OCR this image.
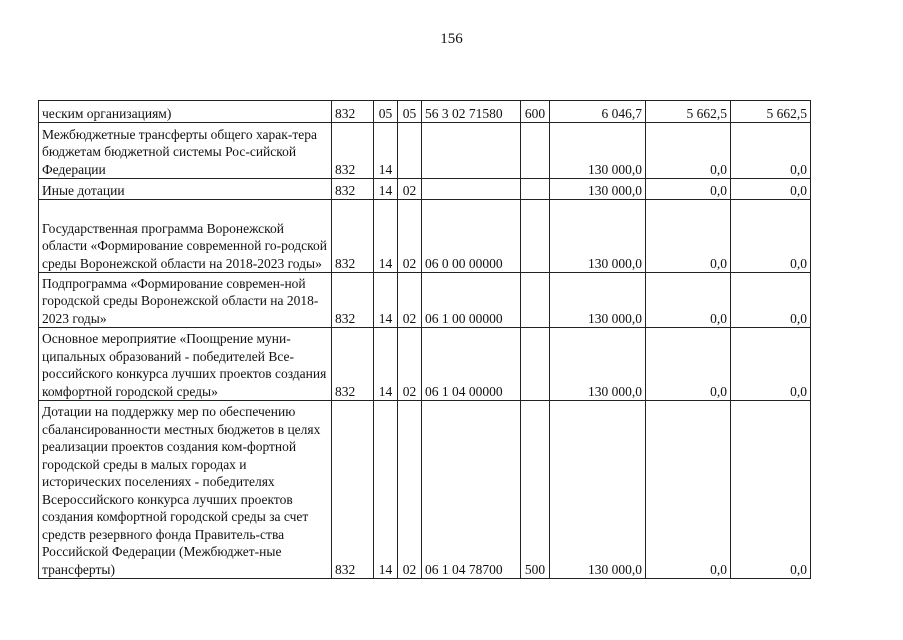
156
ческим организациям)	832	05	05	56 3 02 71580	600	6 046,7	5 662,5	5 662,5
Межбюджетные трансферты общего харак-тера бюджетам бюджетной системы Рос-сийской Федерации	832	14				130 000,0	0,0	0,0
Иные дотации	832	14	02			130 000,0	0,0	0,0
Государственная программа Воронежской области «Формирование современной го-родской среды Воронежской области на 2018-2023 годы»	832	14	02	06 0 00 00000		130 000,0	0,0	0,0
Подпрограмма «Формирование современ-ной городской среды Воронежской области на 2018-2023 годы»	832	14	02	06 1 00 00000		130 000,0	0,0	0,0
Основное мероприятие «Поощрение муни-ципальных образований - победителей Все-российского конкурса лучших проектов создания комфортной городской среды»	832	14	02	06 1 04 00000		130 000,0	0,0	0,0
Дотации на поддержку мер по обеспечению сбалансированности местных бюджетов в целях реализации проектов создания ком-фортной городской среды в малых городах и исторических поселениях - победителях Всероссийского конкурса лучших проектов создания комфортной городской среды за счет средств резервного фонда Правитель-ства Российской Федерации (Межбюджет-ные трансферты)	832	14	02	06 1 04 78700	500	130 000,0	0,0	0,0
